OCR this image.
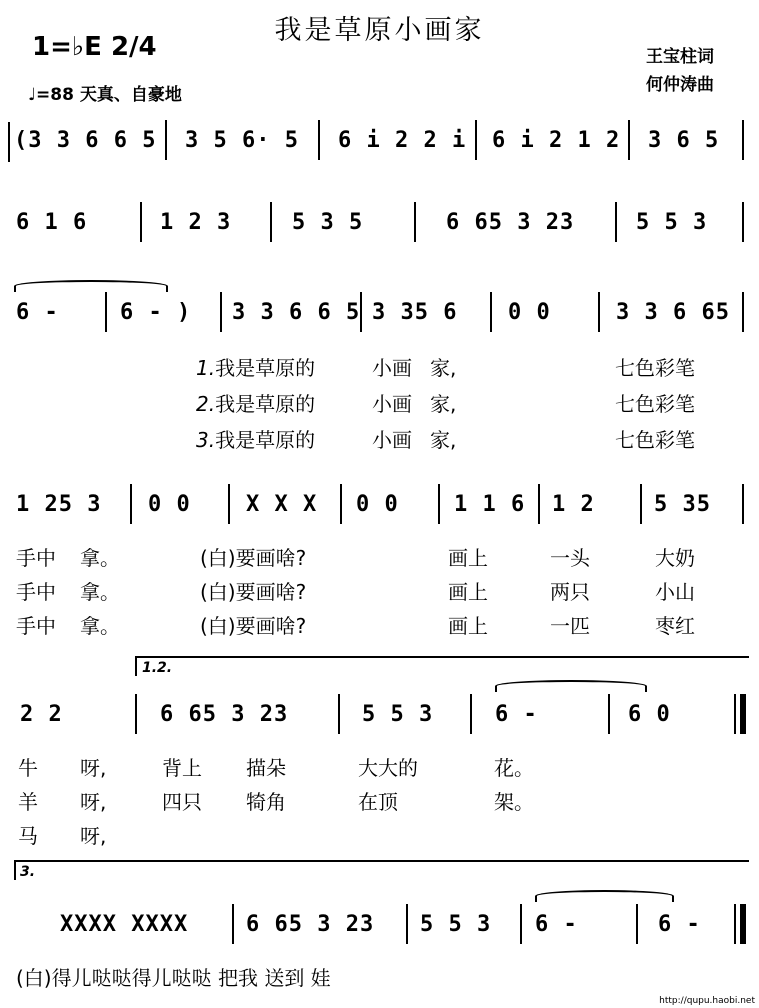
我是草原小画家
1=♭E 2/4
♩=88 天真、自豪地
王宝柱词
何仲涛曲
(3 3 6 6 5 3 5 6· 5 6 i 2 2 i 6 i 2 1 2 3 6 5
6 1 6	1 2 3	5 3 5	6 65 3 23	5 5 3
6 -	6 - ) 3 3 6 6 5 3 35 6 0 0	3 3 6 65
1.我是草原的	小画 家,	七色彩笔
2.我是草原的	小画 家,	七色彩笔
3.我是草原的	小画 家,	七色彩笔
1 25 3 0 0	X X X 0 0	1 1 6 1 2	5 35
手中 拿。	(白)要画啥?	画上	一头	大奶
手中 拿。	(白)要画啥?	画上	两只	小山
手中 拿。	(白)要画啥?	画上	一匹	枣红
1.2.
2 2	6 65 3 23	5 5 3	6 -	6 0
牛 呀,	背上 描朵	大大的	花。
羊 呀,	四只 犄角	在顶	架。
马 呀,
3.
XXXX XXXX	6 65 3 23 5 5 3 6 -	6 -
(白)得儿哒哒得儿哒哒 把我 送到 娃
http://qupu.haobi.net
